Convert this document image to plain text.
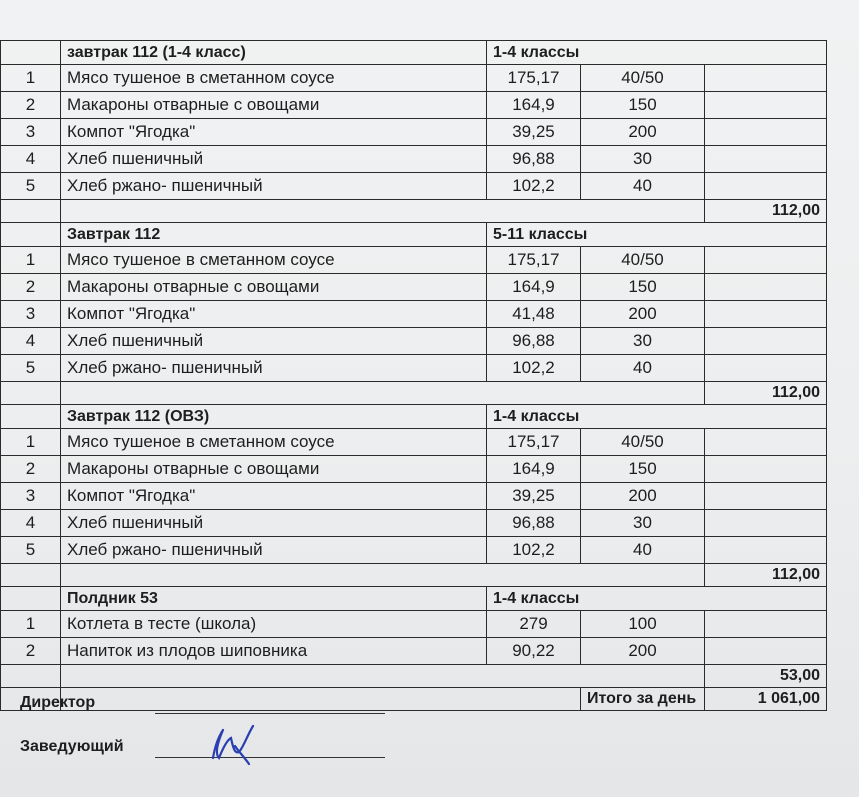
	завтрак 112 (1-4 класс)	1-4 классы		
1	Мясо тушеное в сметанном соусе	175,17	40/50	
2	Макароны отварные с овощами	164,9	150	
3	Компот "Ягодка"	39,25	200	
4	Хлеб пшеничный	96,88	30	
5	Хлеб ржано- пшеничный	102,2	40	
				112,00
	Завтрак 112	5-11 классы		
1	Мясо тушеное в сметанном соусе	175,17	40/50	
2	Макароны отварные с овощами	164,9	150	
3	Компот "Ягодка"	41,48	200	
4	Хлеб пшеничный	96,88	30	
5	Хлеб ржано- пшеничный	102,2	40	
				112,00
	Завтрак 112 (ОВЗ)	1-4 классы		
1	Мясо тушеное в сметанном соусе	175,17	40/50	
2	Макароны отварные с овощами	164,9	150	
3	Компот "Ягодка"	39,25	200	
4	Хлеб пшеничный	96,88	30	
5	Хлеб ржано- пшеничный	102,2	40	
				112,00
	Полдник 53	1-4 классы		
1	Котлета в тесте (школа)	279	100	
2	Напиток из плодов шиповника	90,22	200	
				53,00
			Итого за день	1 061,00
Директор
Заведующий
